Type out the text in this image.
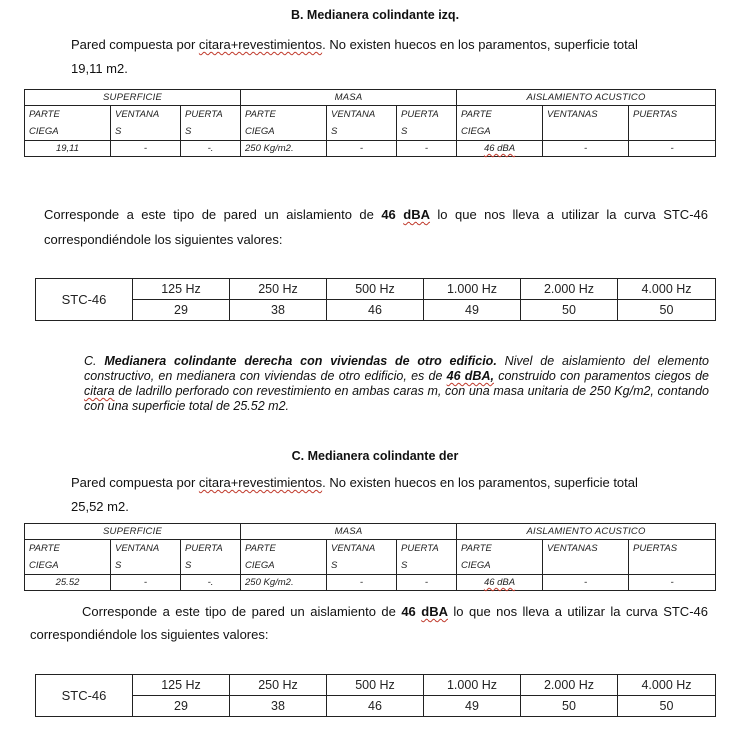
B. Medianera colindante izq.
Pared compuesta por citara+revestimientos. No existen huecos en los paramentos, superficie total
19,11 m2.
SUPERFICIE			MASA			AISLAMIENTO ACUSTICO		
PARTE	VENTANA	PUERTA	PARTE	VENTANA	PUERTA	PARTE	VENTANAS	PUERTAS
CIEGA	S	S	CIEGA	S	S	CIEGA		
19,11	-	-.	250 Kg/m2.	-	-	46 dBA	-	-
Corresponde a este tipo de pared un aislamiento de 46 dBA lo que nos lleva a utilizar la curva STC-46
correspondiéndole los siguientes valores:
STC-46	125 Hz	250 Hz	500 Hz	1.000 Hz	2.000 Hz	4.000 Hz
	29	38	46	49	50	50
C. Medianera colindante derecha con viviendas de otro edificio. Nivel de aislamiento del elemento constructivo, en medianera con viviendas de otro edificio, es de 46 dBA, construido con paramentos ciegos de citara de ladrillo perforado con revestimiento en ambas caras m, con una masa unitaria de 250 Kg/m2, contando con una superficie total de 25.52 m2.
C. Medianera colindante der
Pared compuesta por citara+revestimientos. No existen huecos en los paramentos, superficie total
25,52 m2.
SUPERFICIE			MASA			AISLAMIENTO ACUSTICO		
PARTE	VENTANA	PUERTA	PARTE	VENTANA	PUERTA	PARTE	VENTANAS	PUERTAS
CIEGA	S	S	CIEGA	S	S	CIEGA		
25.52	-	-.	250 Kg/m2.	-	-	46 dBA	-	-
Corresponde a este tipo de pared un aislamiento de 46 dBA lo que nos lleva a utilizar la curva STC-46
correspondiéndole los siguientes valores:
STC-46	125 Hz	250 Hz	500 Hz	1.000 Hz	2.000 Hz	4.000 Hz
	29	38	46	49	50	50
